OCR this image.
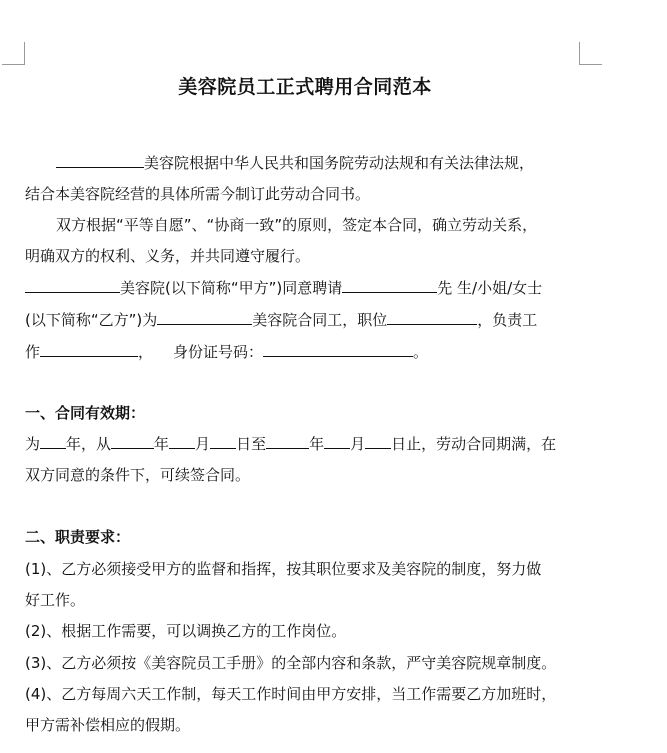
美容院员工正式聘用合同范本
美容院根据中华人民共和国务院劳动法规和有关法律法规，
结合本美容院经营的具体所需今制订此劳动合同书。
双方根据“平等自愿”、“协商一致”的原则，签定本合同，确立劳动关系，
明确双方的权利、义务，并共同遵守履行。
美容院(以下简称“甲方”)同意聘请	先 生/小姐/女士
(以下简称“乙方”)为	美容院合同工，职位	，负责工
作	， 身份证号码：	。
一、合同有效期：
为 年，从	年 月 日至	年 月 日止，劳动合同期满，在
双方同意的条件下，可续签合同。
二、职责要求：
(1)、乙方必须接受甲方的监督和指挥，按其职位要求及美容院的制度，努力做
好工作。
(2)、根据工作需要，可以调换乙方的工作岗位。
(3)、乙方必须按《美容院员工手册》的全部内容和条款，严守美容院规章制度。
(4)、乙方每周六天工作制，每天工作时间由甲方安排，当工作需要乙方加班时，
甲方需补偿相应的假期。
